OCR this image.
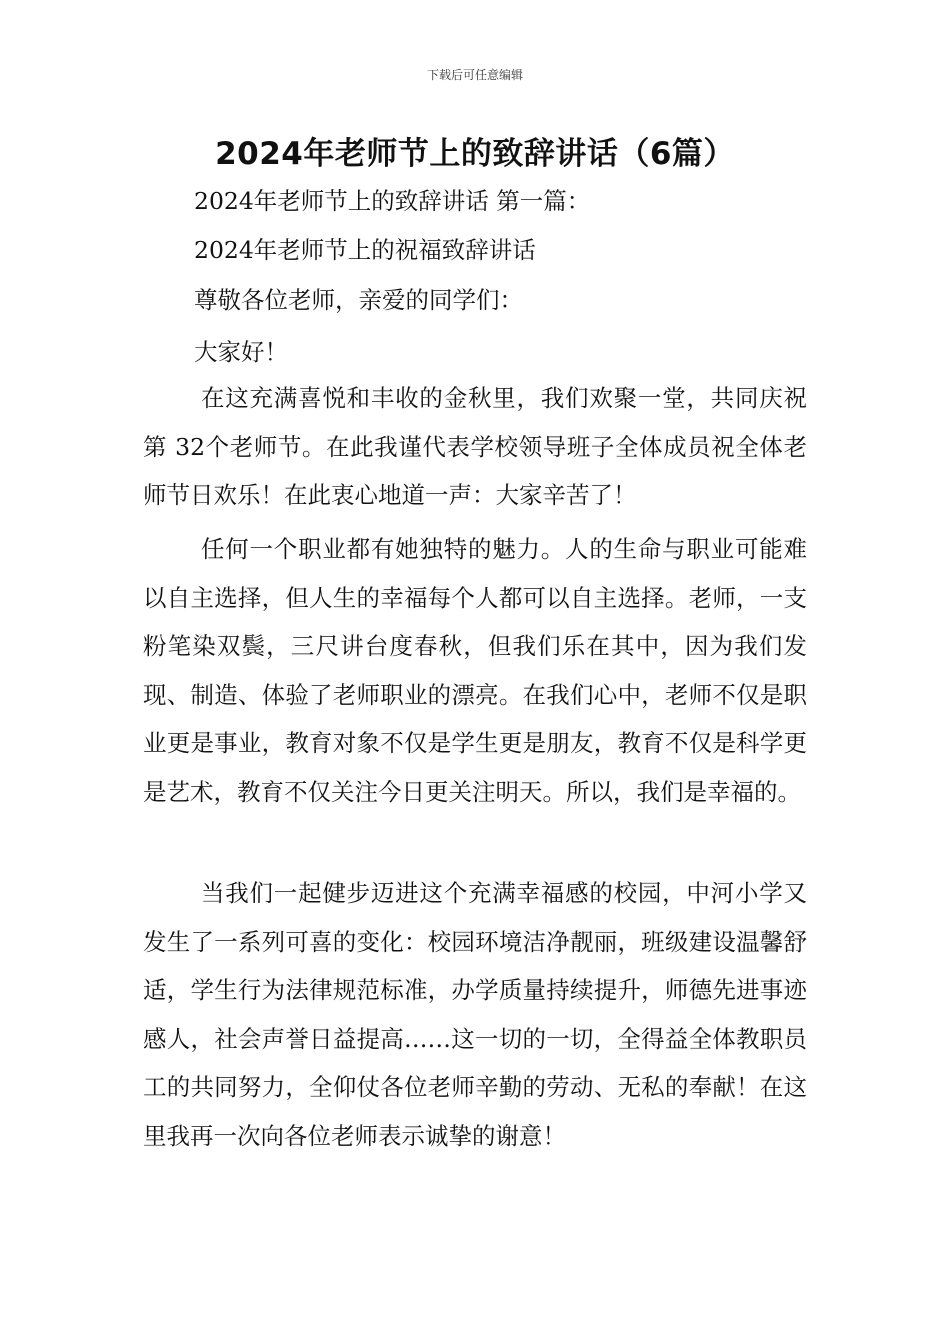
下载后可任意编辑
2024年老师节上的致辞讲话（6篇）
2024年老师节上的致辞讲话 第一篇：
2024年老师节上的祝福致辞讲话
尊敬各位老师，亲爱的同学们：
大家好！

在这充满喜悦和丰收的金秋里，我们欢聚一堂，共同庆祝第 32个老师节。在此我谨代表学校领导班子全体成员祝全体老师节日欢乐！在此衷心地道一声：大家辛苦了！

任何一个职业都有她独特的魅力。人的生命与职业可能难以自主选择，但人生的幸福每个人都可以自主选择。老师，一支粉笔染双鬓，三尺讲台度春秋，但我们乐在其中，因为我们发现、制造、体验了老师职业的漂亮。在我们心中，老师不仅是职业更是事业，教育对象不仅是学生更是朋友，教育不仅是科学更是艺术，教育不仅关注今日更关注明天。所以，我们是幸福的。

当我们一起健步迈进这个充满幸福感的校园，中河小学又发生了一系列可喜的变化：校园环境洁净靓丽，班级建设温馨舒适，学生行为法律规范标准，办学质量持续提升，师德先进事迹感人，社会声誉日益提高……这一切的一切，全得益全体教职员工的共同努力，全仰仗各位老师辛勤的劳动、无私的奉献！在这里我再一次向各位老师表示诚挚的谢意！
